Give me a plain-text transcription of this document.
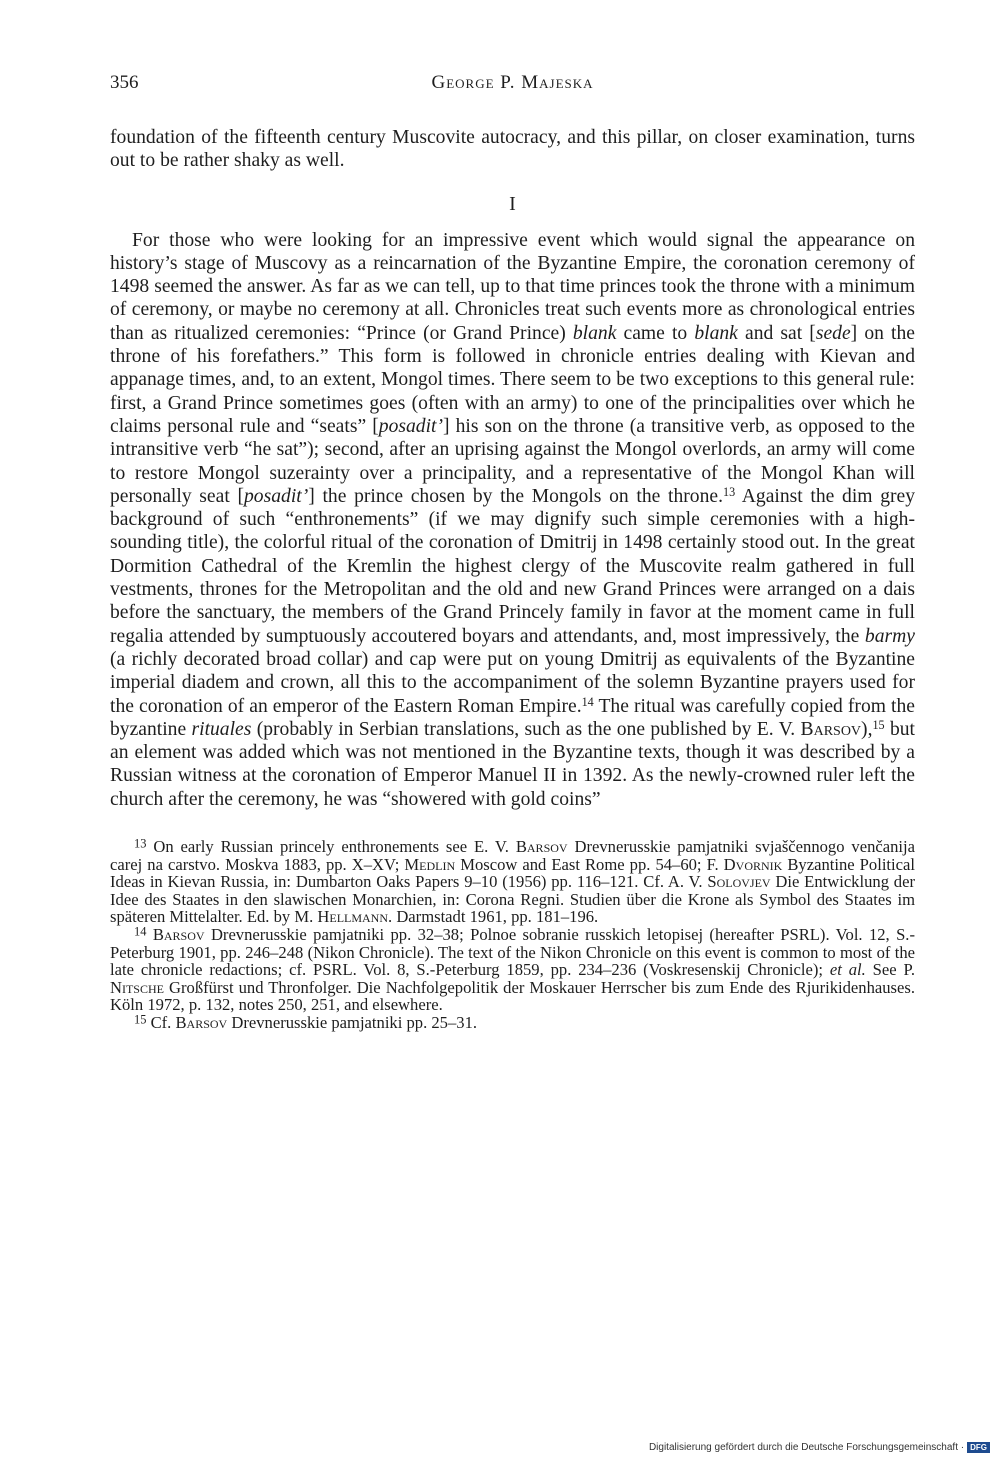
356	George P. Majeska

foundation of the fifteenth century Muscovite autocracy, and this pillar, on closer examination, turns out to be rather shaky as well.

I

For those who were looking for an impressive event which would signal the appearance on history’s stage of Muscovy as a reincarnation of the Byzantine Empire, the coronation ceremony of 1498 seemed the answer. As far as we can tell, up to that time princes took the throne with a minimum of ceremony, or maybe no ceremony at all. Chronicles treat such events more as chronological entries than as ritualized ceremonies: “Prince (or Grand Prince) blank came to blank and sat [sede] on the throne of his forefathers.” This form is followed in chronicle entries dealing with Kievan and appanage times, and, to an extent, Mongol times. There seem to be two exceptions to this general rule: first, a Grand Prince sometimes goes (often with an army) to one of the principalities over which he claims personal rule and “seats” [posadit’] his son on the throne (a transitive verb, as opposed to the intransitive verb “he sat”); second, after an uprising against the Mongol overlords, an army will come to restore Mongol suzerainty over a principality, and a representative of the Mongol Khan will personally seat [posadit’] the prince chosen by the Mongols on the throne.$^{13}$ Against the dim grey background of such “enthronements” (if we may dignify such simple ceremonies with a high-sounding title), the colorful ritual of the coronation of Dmitrij in 1498 certainly stood out. In the great Dormition Cathedral of the Kremlin the highest clergy of the Muscovite realm gathered in full vestments, thrones for the Metropolitan and the old and new Grand Princes were arranged on a dais before the sanctuary, the members of the Grand Princely family in favor at the moment came in full regalia attended by sumptuously accoutered boyars and attendants, and, most impressively, the barmy (a richly decorated broad collar) and cap were put on young Dmitrij as equivalents of the Byzantine imperial diadem and crown, all this to the accompaniment of the solemn Byzantine prayers used for the coronation of an emperor of the Eastern Roman Empire.$^{14}$ The ritual was carefully copied from the byzantine rituales (probably in Serbian translations, such as the one published by E. V. Barsov),$^{15}$ but an element was added which was not mentioned in the Byzantine texts, though it was described by a Russian witness at the coronation of Emperor Manuel II in 1392. As the newly-crowned ruler left the church after the ceremony, he was “showered with gold coins”

$^{13}$ On early Russian princely enthronements see E. V. Barsov Drevnerusskie pamjatniki svjaščennogo venčanija carej na carstvo. Moskva 1883, pp. X–XV; Medlin Moscow and East Rome pp. 54–60; F. Dvornik Byzantine Political Ideas in Kievan Russia, in: Dumbarton Oaks Papers 9–10 (1956) pp. 116–121. Cf. A. V. Solovjev Die Entwicklung der Idee des Staates in den slawischen Monarchien, in: Corona Regni. Studien über die Krone als Symbol des Staates im späteren Mittelalter. Ed. by M. Hellmann. Darmstadt 1961, pp. 181–196.

$^{14}$ Barsov Drevnerusskie pamjatniki pp. 32–38; Polnoe sobranie russkich letopisej (hereafter PSRL). Vol. 12, S.-Peterburg 1901, pp. 246–248 (Nikon Chronicle). The text of the Nikon Chronicle on this event is common to most of the late chronicle redactions; cf. PSRL. Vol. 8, S.-Peterburg 1859, pp. 234–236 (Voskresenskij Chronicle); et al. See P. Nitsche Großfürst und Thronfolger. Die Nachfolgepolitik der Moskauer Herrscher bis zum Ende des Rjurikidenhauses. Köln 1972, p. 132, notes 250, 251, and elsewhere.

$^{15}$ Cf. Barsov Drevnerusskie pamjatniki pp. 25–31.

Digitalisierung gefördert durch die Deutsche Forschungsgemeinschaft · DFG
